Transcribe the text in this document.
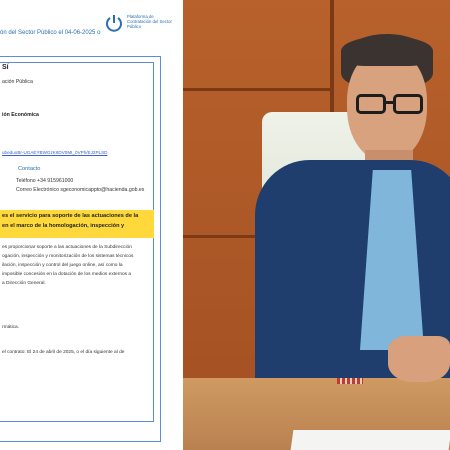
ón del Sector Público el 04-06-2025 o
Plataforma de Contratación del Sector Público
Sí
ación Pública
ión Económica
ubeduoBr-UGAEYBWGzK6DV0MI_0VPh/EJ2PLSD
Contacto
Teléfono +34 915961000
Correo Electrónico sgeconomicappto@hacienda.gob.es
es el servicio para soporte de las actuaciones de la
en el marco de la homologación, inspección y
es proporcionar soporte a las actuaciones de la Subdirección
ogación, inspección y monitorización de los sistemas técnicos
ilación, inspección y control del juego online, así como la
imposible concesión en la dotación de los medios externos a
a Dirección General.
rmática.
el contrato: El 24 de abril de 2025, o el día siguiente al de
